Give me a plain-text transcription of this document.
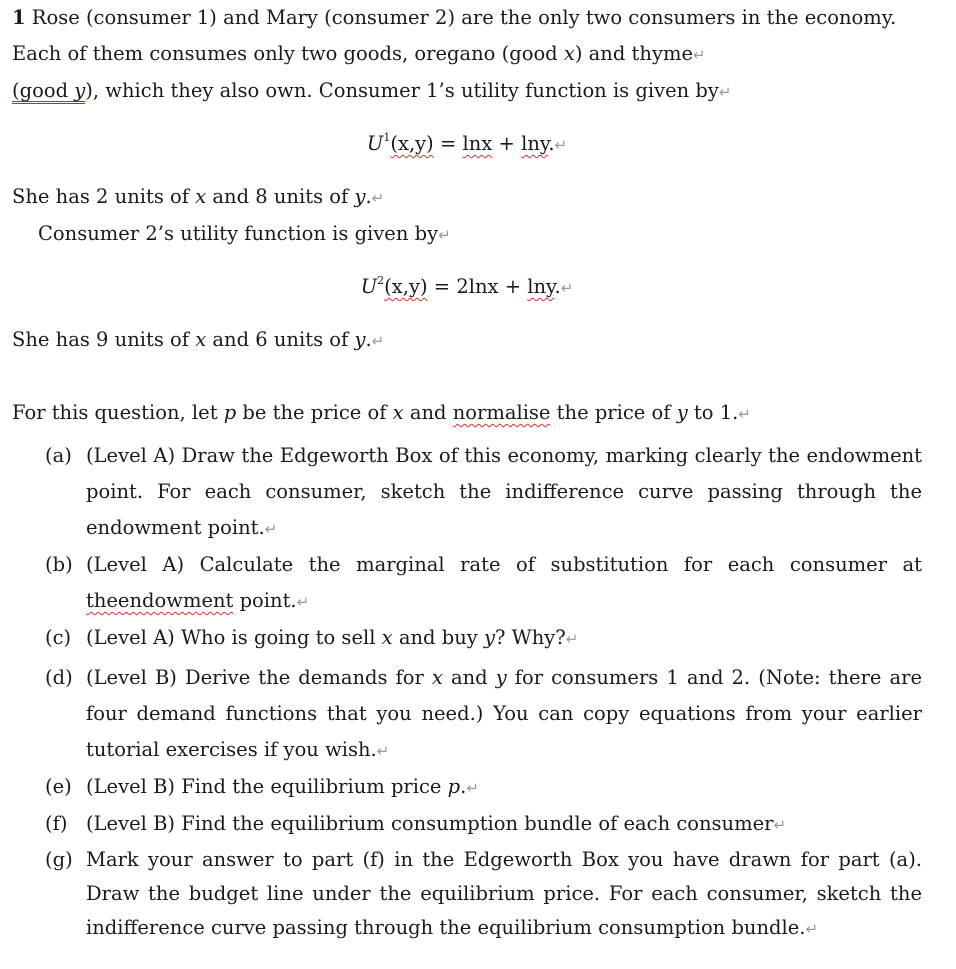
1 Rose (consumer 1) and Mary (consumer 2) are the only two consumers in the economy.

Each of them consumes only two goods, oregano (good x) and thyme↵

(good y), which they also own. Consumer 1’s utility function is given by↵

$U^1(x,y) = \ln x$ + lny.↵

She has 2 units of x and 8 units of y.↵

Consumer 2’s utility function is given by↵

$U^2(x,y) = 2\ln x$ + lny.↵

She has 9 units of x and 6 units of y.↵

For this question, let p be the price of x and normalise the price of y to 1.↵

(a) (Level A) Draw the Edgeworth Box of this economy, marking clearly the endowment point. For each consumer, sketch the indifference curve passing through the endowment point.↵
(b) (Level A) Calculate the marginal rate of substitution for each consumer at theendowment point.↵
(c) (Level A) Who is going to sell x and buy y? Why?↵
(d) (Level B) Derive the demands for x and y for consumers 1 and 2. (Note: there are four demand functions that you need.) You can copy equations from your earlier tutorial exercises if you wish.↵
(e) (Level B) Find the equilibrium price p.↵
(f) (Level B) Find the equilibrium consumption bundle of each consumer↵
(g) Mark your answer to part (f) in the Edgeworth Box you have drawn for part (a). Draw the budget line under the equilibrium price. For each consumer, sketch the indifference curve passing through the equilibrium consumption bundle.↵
